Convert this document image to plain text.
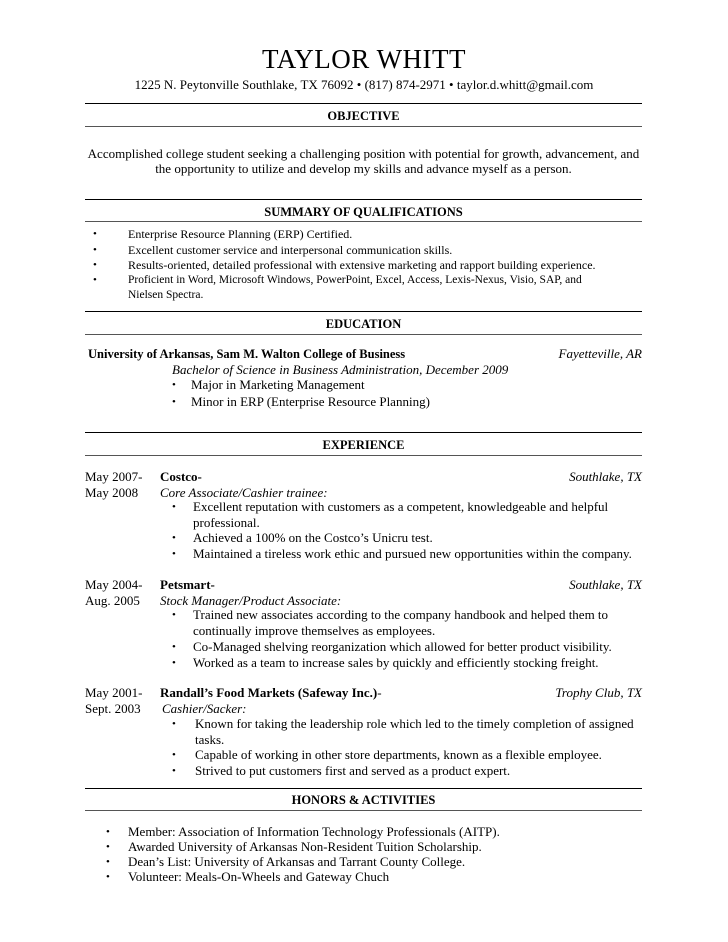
TAYLOR WHITT
1225 N. Peytonville Southlake, TX 76092 • (817) 874-2971 • taylor.d.whitt@gmail.com
OBJECTIVE
Accomplished college student seeking a challenging position with potential for growth, advancement, and
the opportunity to utilize and develop my skills and advance myself as a person.
SUMMARY OF QUALIFICATIONS
•	Enterprise Resource Planning (ERP) Certified.
•	Excellent customer service and interpersonal communication skills.
•	Results-oriented, detailed professional with extensive marketing and rapport building experience.
•	Proficient in Word, Microsoft Windows, PowerPoint, Excel, Access, Lexis-Nexus, Visio, SAP, and
Nielsen Spectra.
EDUCATION
University of Arkansas, Sam M. Walton College of Business	Fayetteville, AR
Bachelor of Science in Business Administration, December 2009
• Major in Marketing Management
• Minor in ERP (Enterprise Resource Planning)
EXPERIENCE
May 2007-
May 2008
Costco-	Southlake, TX
Core Associate/Cashier trainee:
• Excellent reputation with customers as a competent, knowledgeable and helpful
professional.
• Achieved a 100% on the Costco’s Unicru test.
• Maintained a tireless work ethic and pursued new opportunities within the company.
May 2004-
Aug. 2005
Petsmart-	Southlake, TX
Stock Manager/Product Associate:
• Trained new associates according to the company handbook and helped them to
continually improve themselves as employees.
• Co-Managed shelving reorganization which allowed for better product visibility.
• Worked as a team to increase sales by quickly and efficiently stocking freight.
May 2001-
Sept. 2003
Randall’s Food Markets (Safeway Inc.)-	Trophy Club, TX
Cashier/Sacker:
• Known for taking the leadership role which led to the timely completion of assigned
tasks.
• Capable of working in other store departments, known as a flexible employee.
• Strived to put customers first and served as a product expert.
HONORS & ACTIVITIES
• Member: Association of Information Technology Professionals (AITP).
• Awarded University of Arkansas Non-Resident Tuition Scholarship.
• Dean’s List: University of Arkansas and Tarrant County College.
• Volunteer: Meals-On-Wheels and Gateway Chuch
